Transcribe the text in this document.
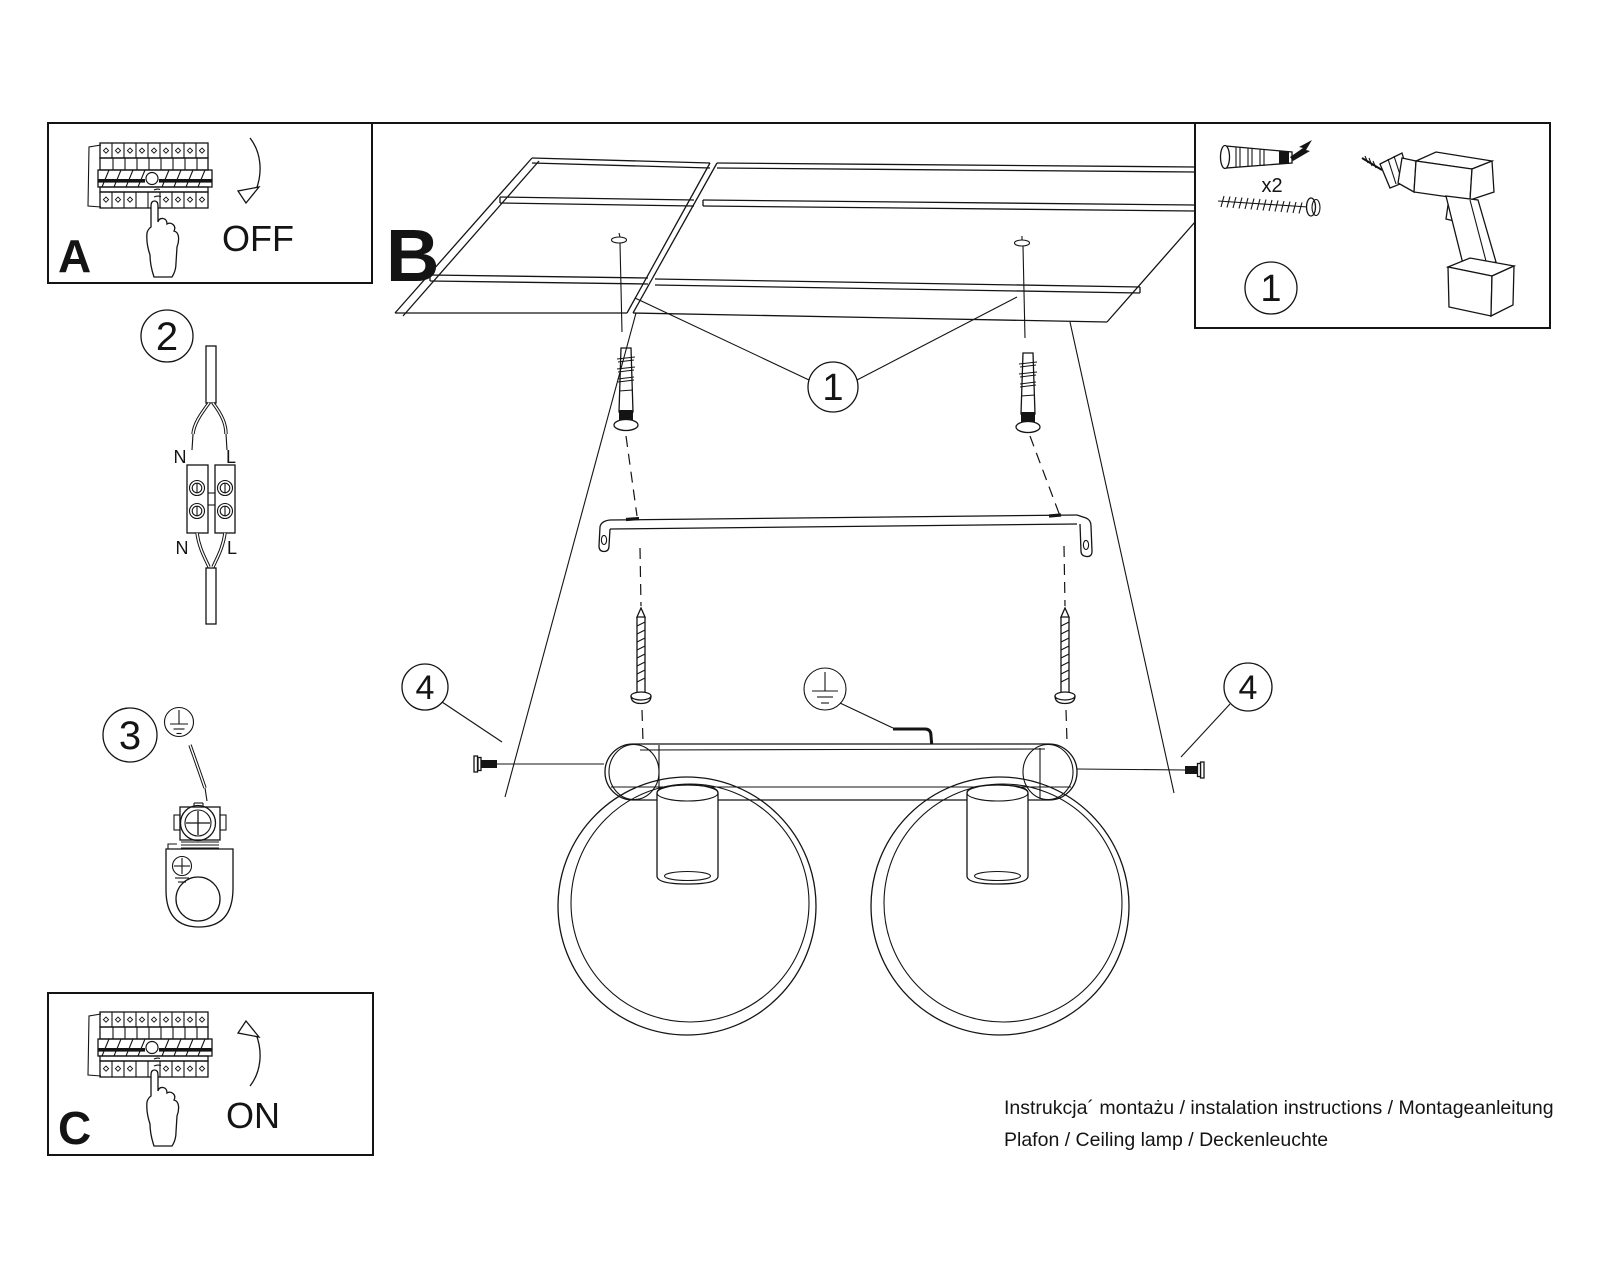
A	OFF
C	ON
2
N L
N L
3
B
1
4	4
x2
1
Instrukcja´ montażu / instalation instructions / Montageanleitung
Plafon / Ceiling lamp / Deckenleuchte
